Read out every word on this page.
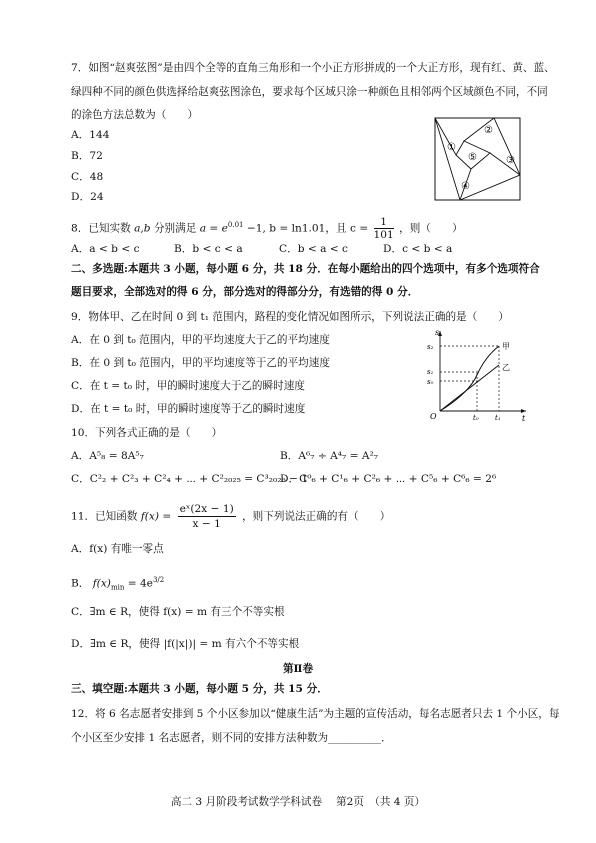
7．如图“赵爽弦图”是由四个全等的直角三角形和一个小正方形拼成的一个大正方形，现有红、黄、蓝、
绿四种不同的颜色供选择给赵爽弦图涂色，要求每个区域只涂一种颜色且相邻两个区域颜色不同，不同
的涂色方法总数为（　　）
A．144
B．72
C．48
D．24
①
②
③
④
⑤
8．已知实数 a,b 分别满足 $a = e^{0.01} -1$, b = ln1.01，且 $c = \frac{1}{101}$ ，则（　　）
A．a < b < c	B．b < c < a	C．b < a < c	D．c < b < a
二、多选题:本题共 3 小题，每小题 6 分，共 18 分．在每小题给出的四个选项中，有多个选项符合
题目要求，全部选对的得 6 分，部分选对的得部分分，有选错的得 0 分．
9．物体甲、乙在时间 0 到 t₁ 范围内，路程的变化情况如图所示，下列说法正确的是（　　）
A．在 0 到 t₀ 范围内，甲的平均速度大于乙的平均速度
B．在 0 到 t₀ 范围内，甲的平均速度等于乙的平均速度
C．在 t = t₀ 时，甲的瞬时速度大于乙的瞬时速度
D．在 t = t₀ 时，甲的瞬时速度等于乙的瞬时速度
s
t
O
s₂
s₁
s₀
t₀ t₁
甲
乙
10．下列各式正确的是（　　）
A．A⁵₈ = 8A⁵₇	B．A⁶₇ ÷ A⁴₇ = A²₇
C．C²₂ + C²₃ + C²₄ + ⋯ + C²₂₀₂₅ = C³₂₀₂₆ − 1
D．C⁰₆ + C¹₆ + C²₆ + ⋯ + C⁵₆ + C⁶₆ = 2⁶
11．已知函数 $f(x) = \frac{\text{eˣ(2x − 1)}}{x - 1}$ ，则下列说法正确的有（　　）
A．f(x) 有唯一零点
B． $f(x)_{min} = 4e^{3/2}$
C．∃m ∈ R，使得 f(x) = m 有三个不等实根
D．∃m ∈ R，使得 |f(|x|)| = m 有六个不等实根
第Ⅱ卷
三、填空题:本题共 3 小题，每小题 5 分，共 15 分．
12．将 6 名志愿者安排到 5 个小区参加以“健康生活”为主题的宣传活动，每名志愿者只去 1 个小区，每
个小区至少安排 1 名志愿者，则不同的安排方法种数为__________．
高二 3 月阶段考试数学学科试卷　 第2页　（共 4 页）
